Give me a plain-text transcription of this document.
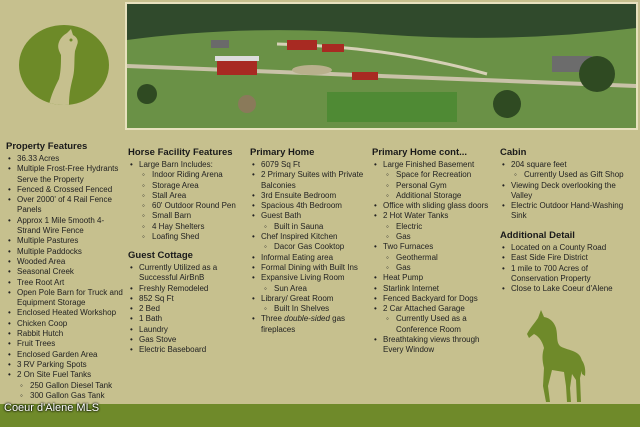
Property Features
• 36.33 Acres
• Multiple Frost-Free Hydrants Serve the Property
• Fenced & Crossed Fenced
• Over 2000' of 4 Rail Fence Panels
• Approx 1 Mile 5mooth 4-Strand Wire Fence
• Multiple Pastures
• Multiple Paddocks
• Wooded Area
• Seasonal Creek
• Tree Root Art
• Open Pole Barn for Truck and Equipment Storage
• Enclosed Heated Workshop
• Chicken Coop
• Rabbit Hutch
• Fruit Trees
• Enclosed Garden Area
• 3 RV Parking Spots
• 2 On Site Fuel Tanks
◦ 250 Gallon Diesel Tank
◦ 300 Gallon Gas Tank
Horse Facility Features
• Large Barn Includes:
◦ Indoor Riding Arena
◦ Storage Area
◦ Stall Area
◦ 60' Outdoor Round Pen
◦ Small Barn
◦ 4 Hay Shelters
◦ Loafing Shed
Guest Cottage
• Currently Utilized as a Successful AirBnB
• Freshly Remodeled
• 852 Sq Ft
• 2 Bed
• 1 Bath
• Laundry
• Gas Stove
• Electric Baseboard
Primary Home
• 6079 Sq Ft
• 2 Primary Suites with Private Balconies
• 3rd Ensuite Bedroom
• Spacious 4th Bedroom
• Guest Bath
◦ Built in Sauna
• Chef Inspired Kitchen
◦ Dacor Gas Cooktop
• Informal Eating area
• Formal Dining with Built Ins
• Expansive Living Room
◦ Sun Area
• Library/ Great Room
◦ Built In Shelves
• Three double-sided gas fireplaces
Primary Home cont...
• Large Finished Basement
◦ Space for Recreation
◦ Personal Gym
◦ Additional Storage
• Office with sliding glass doors
• 2 Hot Water Tanks
◦ Electric
◦ Gas
• Two Furnaces
◦ Geothermal
◦ Gas
• Heat Pump
• Starlink Internet
• Fenced Backyard for Dogs
• 2 Car Attached Garage
◦ Currently Used as a Conference Room
• Breathtaking views through Every Window
Cabin
• 204 square feet
◦ Currently Used as Gift Shop
• Viewing Deck overlooking the Valley
• Electric Outdoor Hand-Washing Sink
Additional Detail
• Located on a County Road
• East Side Fire District
• 1 mile to 700 Acres of Conservation Property
• Close to Lake Coeur d'Alene
Coeur d'Alene MLS
